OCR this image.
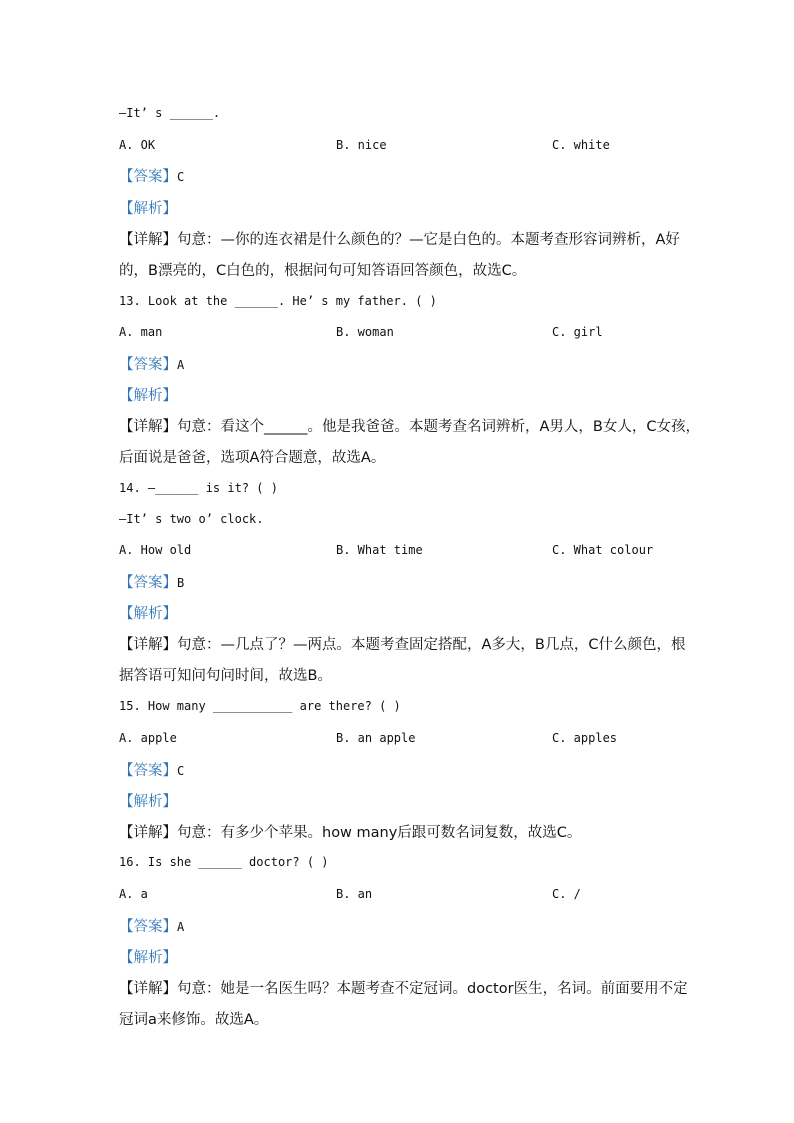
—It’ s ______.
A. OK	B. nice	C. white
【答案】C
【解析】
【详解】句意：—你的连衣裙是什么颜色的？—它是白色的。本题考查形容词辨析，A好
的，B漂亮的，C白色的，根据问句可知答语回答颜色，故选C。
13. Look at the ______. He’ s my father. ( )
A. man	B. woman	C. girl
【答案】A
【解析】
【详解】句意：看这个______。他是我爸爸。本题考查名词辨析，A男人，B女人，C女孩，
后面说是爸爸，选项A符合题意，故选A。
14. —______ is it? ( )
—It’ s two o’ clock.
A. How old	B. What time	C. What colour
【答案】B
【解析】
【详解】句意：—几点了？—两点。本题考查固定搭配，A多大，B几点，C什么颜色，根
据答语可知问句问时间，故选B。
15. How many ___________ are there? ( )
A. apple	B. an apple	C. apples
【答案】C
【解析】
【详解】句意：有多少个苹果。how many后跟可数名词复数，故选C。
16. Is she ______ doctor? ( )
A. a	B. an	C. /
【答案】A
【解析】
【详解】句意：她是一名医生吗？本题考查不定冠词。doctor医生，名词。前面要用不定
冠词a来修饰。故选A。
